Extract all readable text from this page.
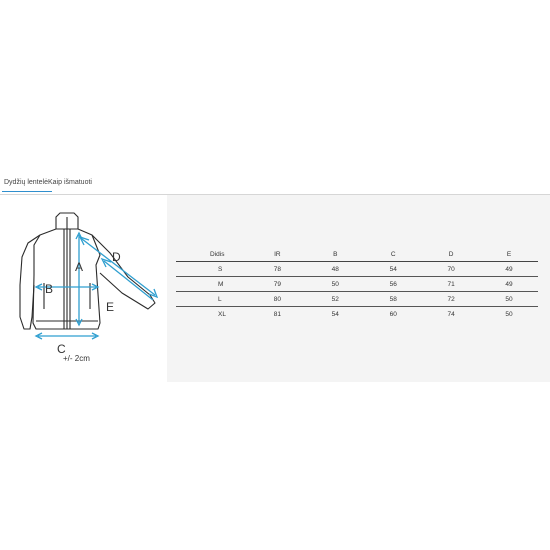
Dydžių lentelė Kaip išmatuoti
A
B
C
D
E
+/- 2cm
Didis	IR	B	C	D	E
S	78	48	54	70	49
M	79	50	56	71	49
L	80	52	58	72	50
XL	81	54	60	74	50
